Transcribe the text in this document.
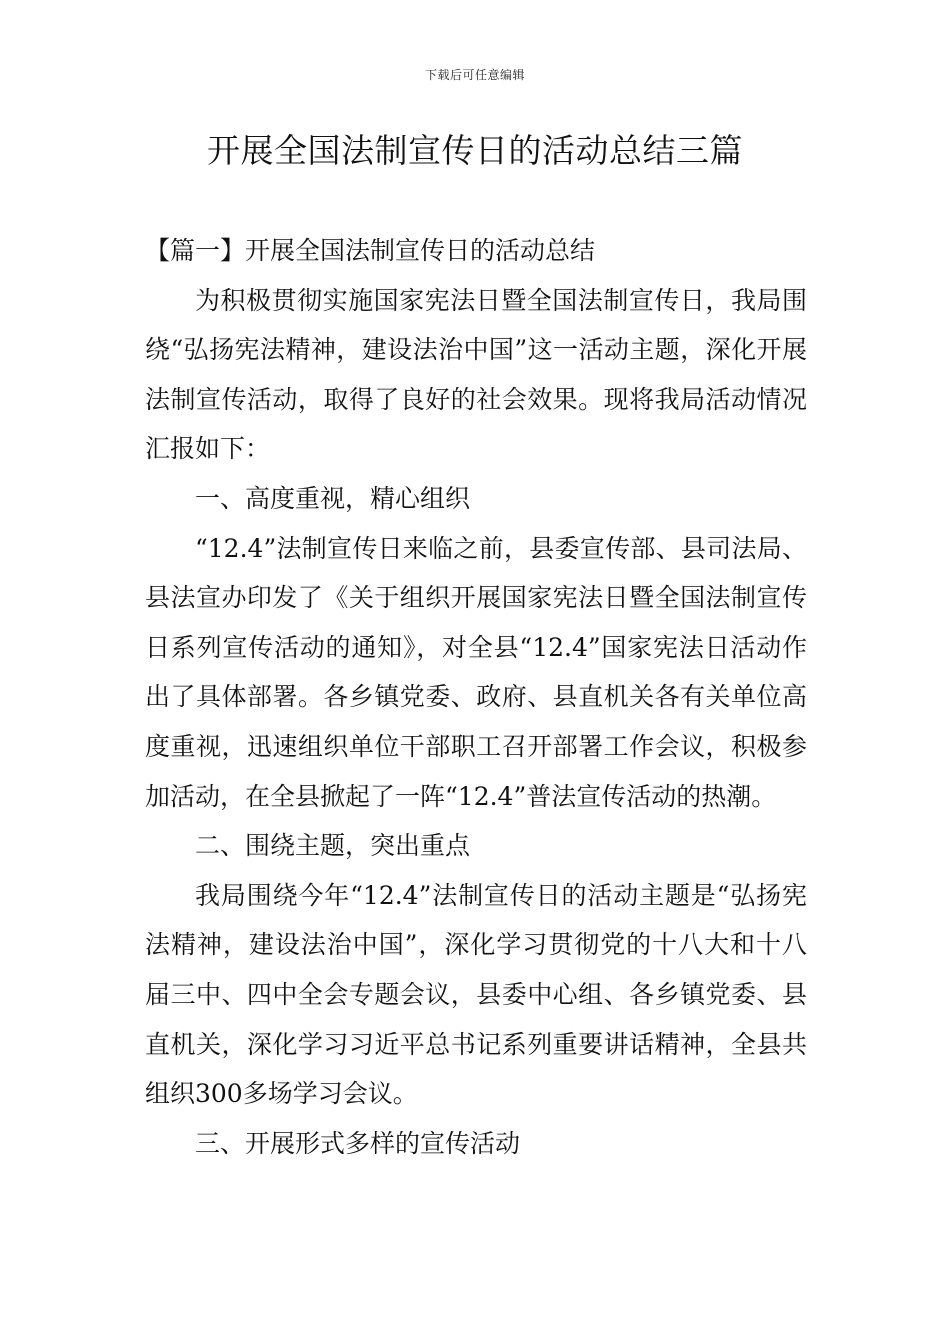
下载后可任意编辑
开展全国法制宣传日的活动总结三篇

【篇一】开展全国法制宣传日的活动总结

为积极贯彻实施国家宪法日暨全国法制宣传日，我局围绕“弘扬宪法精神，建设法治中国”这一活动主题，深化开展法制宣传活动，取得了良好的社会效果。现将我局活动情况汇报如下：

一、高度重视，精心组织

“12.4”法制宣传日来临之前，县委宣传部、县司法局、县法宣办印发了《关于组织开展国家宪法日暨全国法制宣传日系列宣传活动的通知》，对全县“12.4”国家宪法日活动作出了具体部署。各乡镇党委、政府、县直机关各有关单位高度重视，迅速组织单位干部职工召开部署工作会议，积极参加活动，在全县掀起了一阵“12.4”普法宣传活动的热潮。

二、围绕主题，突出重点

我局围绕今年“12.4”法制宣传日的活动主题是“弘扬宪法精神，建设法治中国”，深化学习贯彻党的十八大和十八届三中、四中全会专题会议，县委中心组、各乡镇党委、县直机关，深化学习习近平总书记系列重要讲话精神，全县共组织300多场学习会议。

三、开展形式多样的宣传活动
